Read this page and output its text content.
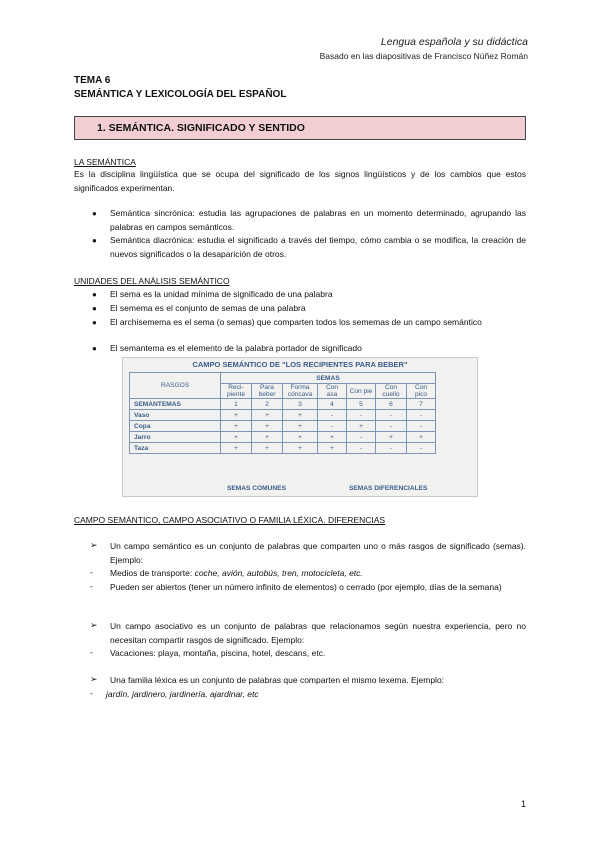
Lengua española y su didáctica
Basado en las diapositivas de Francisco Núñez Román
TEMA 6
SEMÁNTICA Y LEXICOLOGÍA DEL ESPAÑOL
1. SEMÁNTICA. SIGNIFICADO Y SENTIDO
LA SEMÁNTICA
Es la disciplina lingüística que se ocupa del significado de los signos lingüísticos y de los cambios que estos significados experimentan.
● Semántica sincrónica: estudia las agrupaciones de palabras en un momento determinado, agrupando las palabras en campos semánticos.
● Semántica diacrónica: estudia el significado a través del tiempo, cómo cambia o se modifica, la creación de nuevos significados o la desaparición de otros.
UNIDADES DEL ANÁLISIS SEMÁNTICO
● El sema es la unidad mínima de significado de una palabra
● El semema es el conjunto de semas de una palabra
● El archisemema es el sema (o semas) que comparten todos los sememas de un campo semántico
● El semantema es el elemento de la palabra portador de significado
CAMPO SEMÁNTICO DE "LOS RECIPIENTES PARA BEBER"
RASGOS	SEMAS						
	Reci-piente	Para beber	Forma cóncava	Con asa	Con pie	Con cuello	Con pico
SEMANTEMAS	1	2	3	4	5	6	7
Vaso	+	+	+	-	-	-	-
Copa	+	+	+	-	+	-	-
Jarro	+	+	+	+	-	+	+
Taza	+	+	+	+	-	-	-
SEMAS COMUNES	SEMAS DIFERENCIALES
CAMPO SEMÁNTICO, CAMPO ASOCIATIVO O FAMILIA LÉXICA. DIFERENCIAS
➢ Un campo semántico es un conjunto de palabras que comparten uno o más rasgos de significado (semas). Ejemplo:
- Medios de transporte: coche, avión, autobús, tren, motocicleta, etc.
- Pueden ser abiertos (tener un número infinito de elementos) o cerrado (por ejemplo, días de la semana)
➢ Un campo asociativo es un conjunto de palabras que relacionamos según nuestra experiencia, pero no necesitan compartir rasgos de significado. Ejemplo:
- Vacaciones: playa, montaña, piscina, hotel, descans, etc.
➢ Una familia léxica es un conjunto de palabras que comparten el mismo lexema. Ejemplo:
- jardín, jardinero, jardinería, ajardinar, etc
1
